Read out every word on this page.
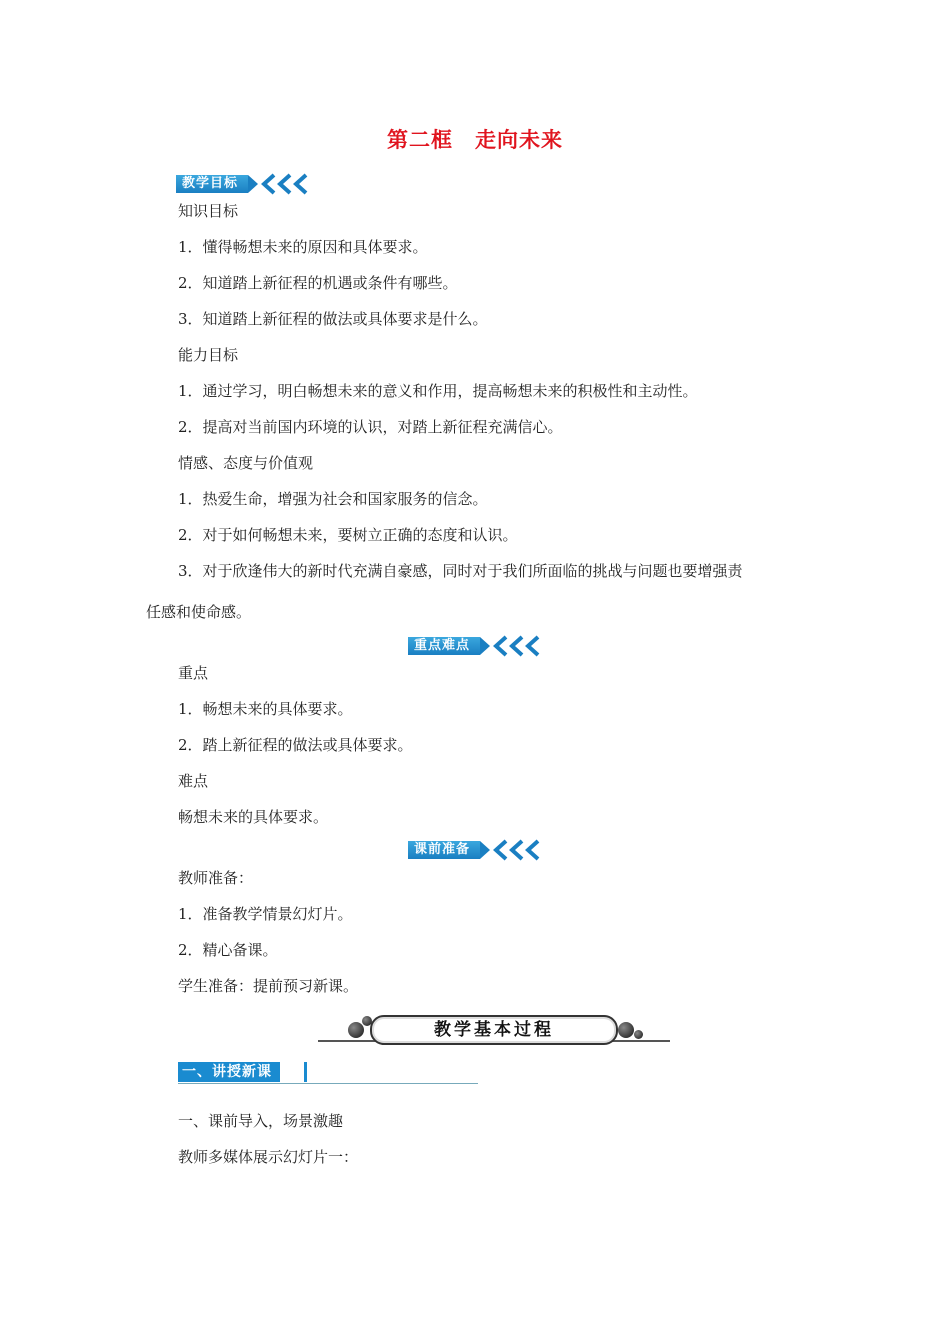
第二框 走向未来
教学目标
知识目标
1．懂得畅想未来的原因和具体要求。
2．知道踏上新征程的机遇或条件有哪些。
3．知道踏上新征程的做法或具体要求是什么。
能力目标
1．通过学习，明白畅想未来的意义和作用，提高畅想未来的积极性和主动性。
2．提高对当前国内环境的认识，对踏上新征程充满信心。
情感、态度与价值观
1．热爱生命，增强为社会和国家服务的信念。
2．对于如何畅想未来，要树立正确的态度和认识。
3．对于欣逢伟大的新时代充满自豪感，同时对于我们所面临的挑战与问题也要增强责
任感和使命感。
重点难点
重点
1．畅想未来的具体要求。
2．踏上新征程的做法或具体要求。
难点
畅想未来的具体要求。
课前准备
教师准备：
1．准备教学情景幻灯片。
2．精心备课。
学生准备：提前预习新课。
教学基本过程
一、讲授新课
一、课前导入，场景激趣
教师多媒体展示幻灯片一：
